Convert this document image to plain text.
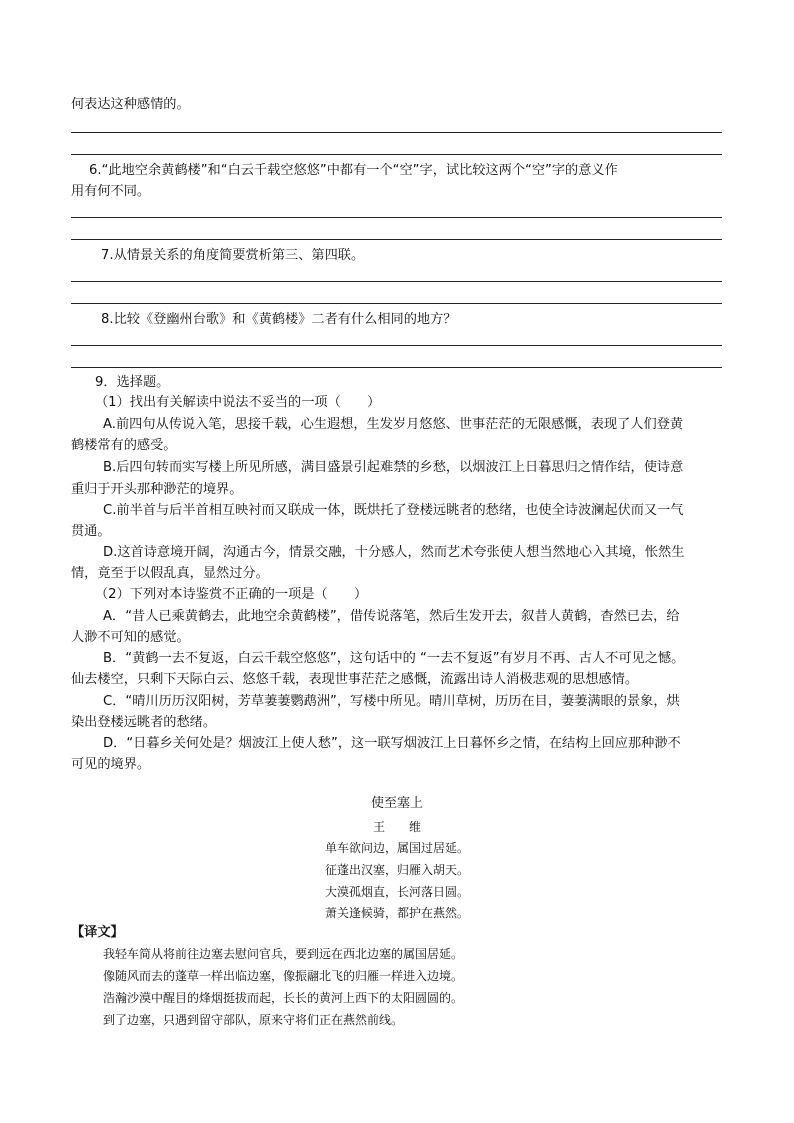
何表达这种感情的。
6.“此地空余黄鹤楼”和“白云千载空悠悠”中都有一个“空”字，试比较这两个“空”字的意义作
用有何不同。
7.从情景关系的角度简要赏析第三、第四联。
8.比较《登幽州台歌》和《黄鹤楼》二者有什么相同的地方？
9．选择题。
（1）找出有关解读中说法不妥当的一项（　　）
A.前四句从传说入笔，思接千载，心生遐想，生发岁月悠悠、世事茫茫的无限感慨，表现了人们登黄
鹤楼常有的感受。
B.后四句转而实写楼上所见所感，满目盛景引起难禁的乡愁，以烟波江上日暮思归之情作结，使诗意
重归于开头那种渺茫的境界。
C.前半首与后半首相互映衬而又联成一体，既烘托了登楼远眺者的愁绪，也使全诗波澜起伏而又一气
贯通。
D.这首诗意境开阔，沟通古今，情景交融，十分感人，然而艺术夸张使人想当然地心入其境，怅然生
情，竟至于以假乱真，显然过分。
（2）下列对本诗鉴赏不正确的一项是（　　）
A．“昔人已乘黄鹤去，此地空余黄鹤楼”，借传说落笔，然后生发开去，叙昔人黄鹤，杳然已去，给
人渺不可知的感觉。
B．“黄鹤一去不复返，白云千载空悠悠”，这句话中的 “一去不复返”有岁月不再、古人不可见之憾。
仙去楼空，只剩下天际白云、悠悠千载，表现世事茫茫之感慨，流露出诗人消极悲观的思想感情。
C．“晴川历历汉阳树，芳草萋萋鹦鹉洲”，写楼中所见。晴川草树，历历在目，萋萋满眼的景象，烘
染出登楼远眺者的愁绪。
D．“日暮乡关何处是？烟波江上使人愁”，这一联写烟波江上日暮怀乡之情，在结构上回应那种渺不
可见的境界。
使至塞上
王　　维
单车欲问边，属国过居延。
征蓬出汉塞，归雁入胡天。
大漠孤烟直，长河落日圆。
萧关逢候骑，都护在燕然。
【译文】
我轻车简从将前往边塞去慰问官兵，要到远在西北边塞的属国居延。
像随风而去的蓬草一样出临边塞，像振翮北飞的归雁一样进入边境。
浩瀚沙漠中醒目的烽烟挺拔而起，长长的黄河上西下的太阳圆圆的。
到了边塞，只遇到留守部队，原来守将们正在燕然前线。
